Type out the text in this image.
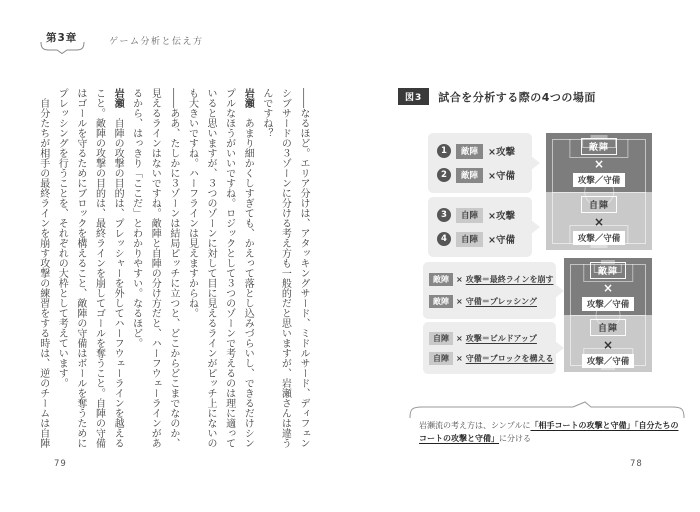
第3章	ゲーム分析と伝え方

――なるほど。エリア分けは、アタッキングサード、ミドルサード、ディフェンシブサードの３ゾーンに分ける考え方も一般的だと思いますが、岩瀬さんは違うんですね？

岩瀬　あまり細かくしすぎても、かえって落とし込みづらいし、できるだけシンプルなほうがいいですね。ロジックとして３つのゾーンで考えるのは理に適っていると思いますが、３つのゾーンに対して目に見えるラインがピッチ上にないのも大きいですね。ハーフラインは見えますからね。

――ああ、たしかに３ゾーンは結局ピッチに立つと、どこからどこまでなのか、見えるラインはないですね。敵陣と自陣の分け方だと、ハーフウェーラインがあるから、はっきり「ここだ」とわかりやすい。なるほど。

岩瀬　自陣の攻撃の目的は、プレッシャーを外してハーフウェーラインを越えること。敵陣の攻撃の目的は、最終ラインを崩してゴールを奪うこと。自陣の守備はゴールを守るためにブロックを構えること、敵陣の守備はボールを奪うためにプレッシングを行うことを、それぞれの大枠として考えています。

　自分たちが相手の最終ラインを崩す攻撃の練習をする時は、逆のチームは自陣

79
図3	試合を分析する際の4つの場面
1	敵陣	×攻撃
2	敵陣	×守備
3	自陣	×攻撃
4	自陣	×守備
敵陣
×
攻撃／守備
自陣
×
攻撃／守備
敵陣 × 攻撃＝最終ラインを崩す
敵陣 × 守備＝プレッシング
自陣 × 攻撃＝ビルドアップ
自陣 × 守備＝ブロックを構える
敵陣
×
攻撃／守備
自陣
×
攻撃／守備
岩瀬流の考え方は、シンプルに「相手コートの攻撃と守備」「自分たちのコートの攻撃と守備」に分ける
78
